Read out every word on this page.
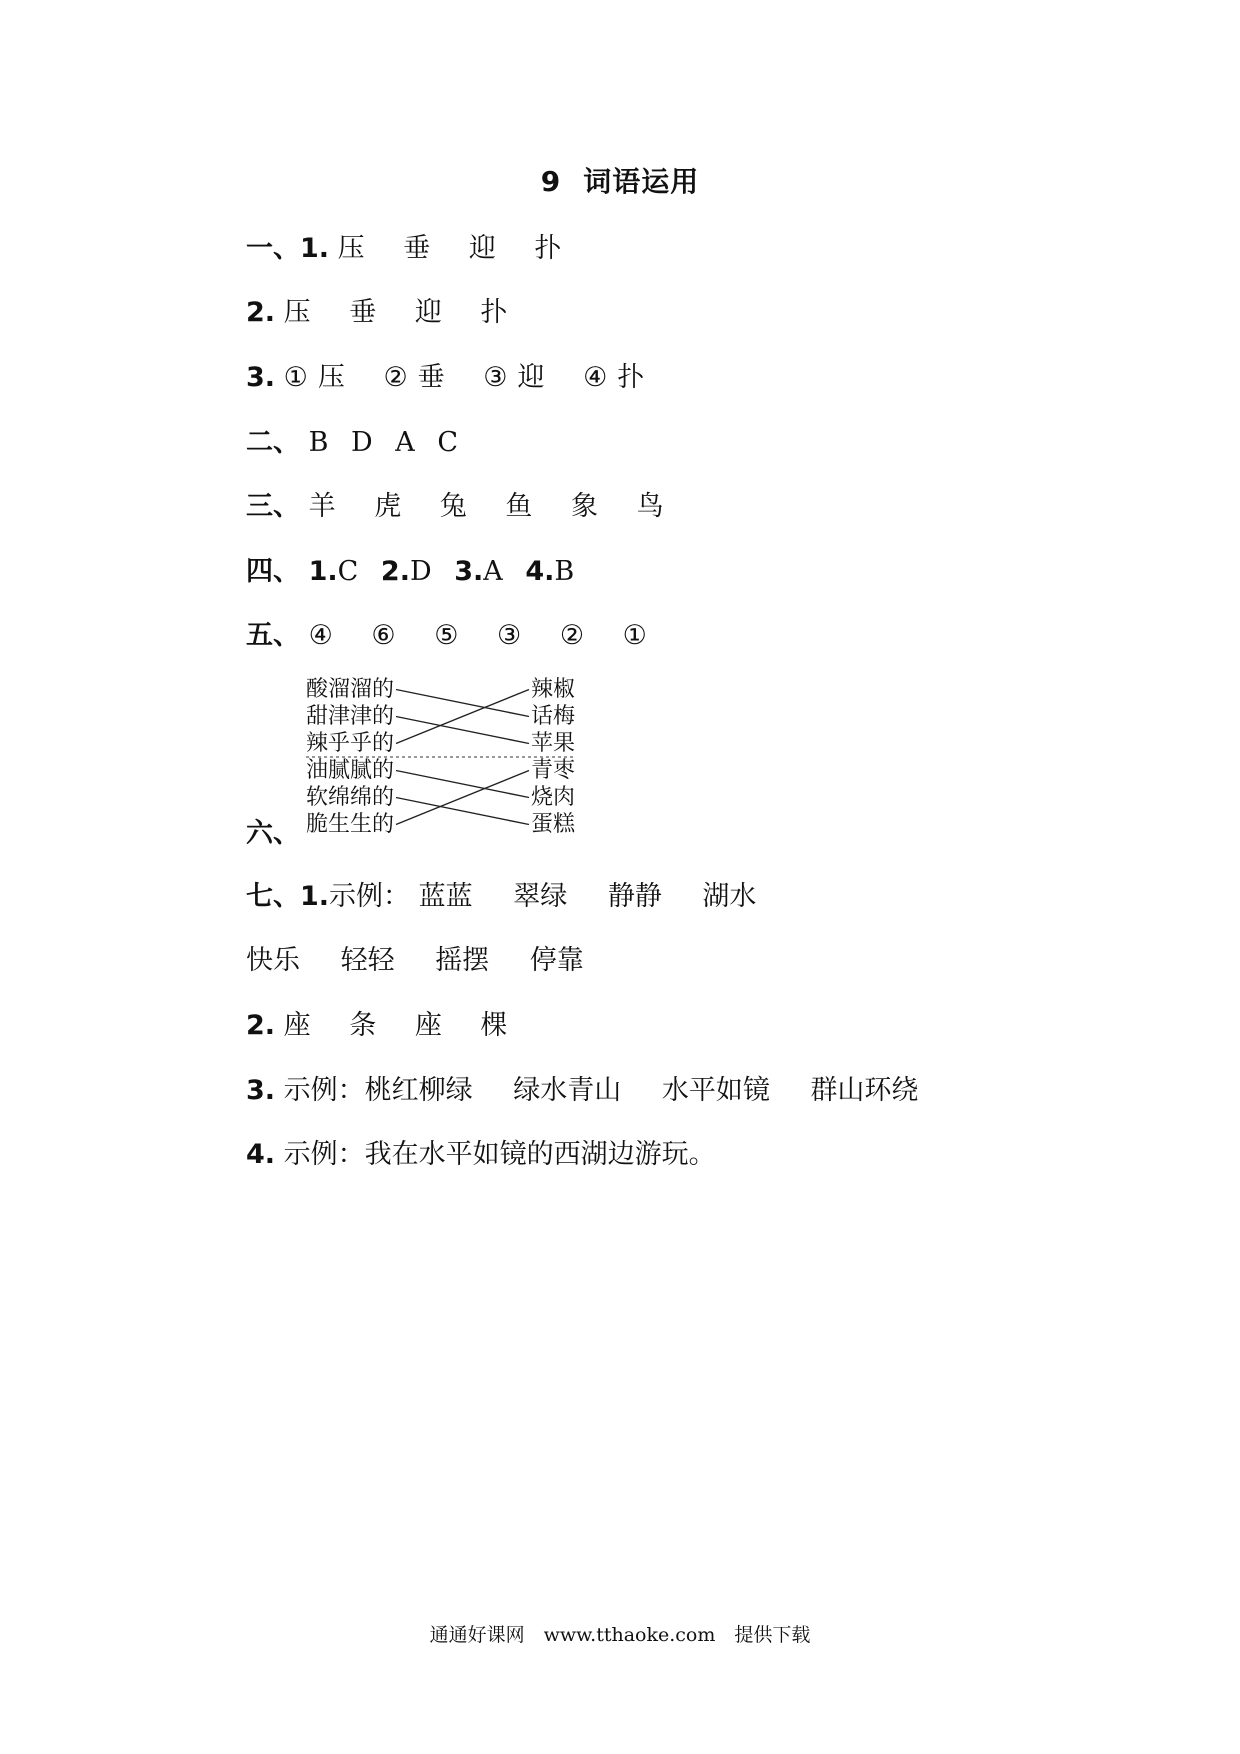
9 词语运用
一、1. 压 垂 迎 扑
2. 压 垂 迎 扑
3. ① 压 ② 垂 ③ 迎 ④ 扑
二、 B D A C
三、 羊 虎 兔 鱼 象 鸟
四、 1.C 2.D 3.A 4.B
五、 ④ ⑥ ⑤ ③ ② ①
六、
酸溜溜的
甜津津的
辣乎乎的
油腻腻的
软绵绵的
脆生生的
辣椒
话梅
苹果
青枣
烧肉
蛋糕
七、1.示例： 蓝蓝 翠绿 静静 湖水
快乐 轻轻 摇摆 停靠
2. 座 条 座 棵
3. 示例：桃红柳绿 绿水青山 水平如镜 群山环绕
4. 示例：我在水平如镜的西湖边游玩。
通通好课网　www.tthaoke.com　提供下载
